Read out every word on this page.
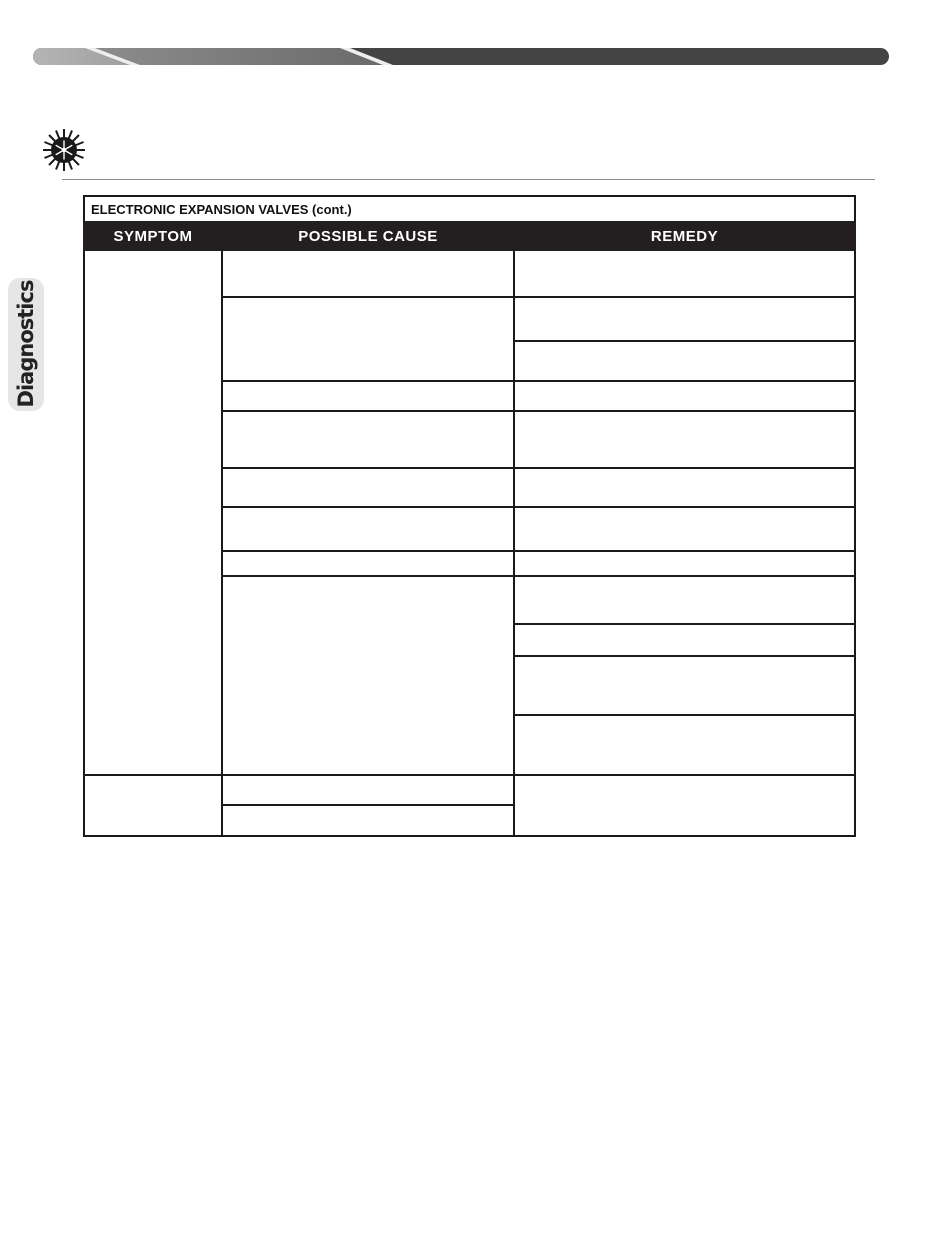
Diagnostics
ELECTRONIC EXPANSION VALVES (cont.)		
SYMPTOM	POSSIBLE CAUSE	REMEDY
